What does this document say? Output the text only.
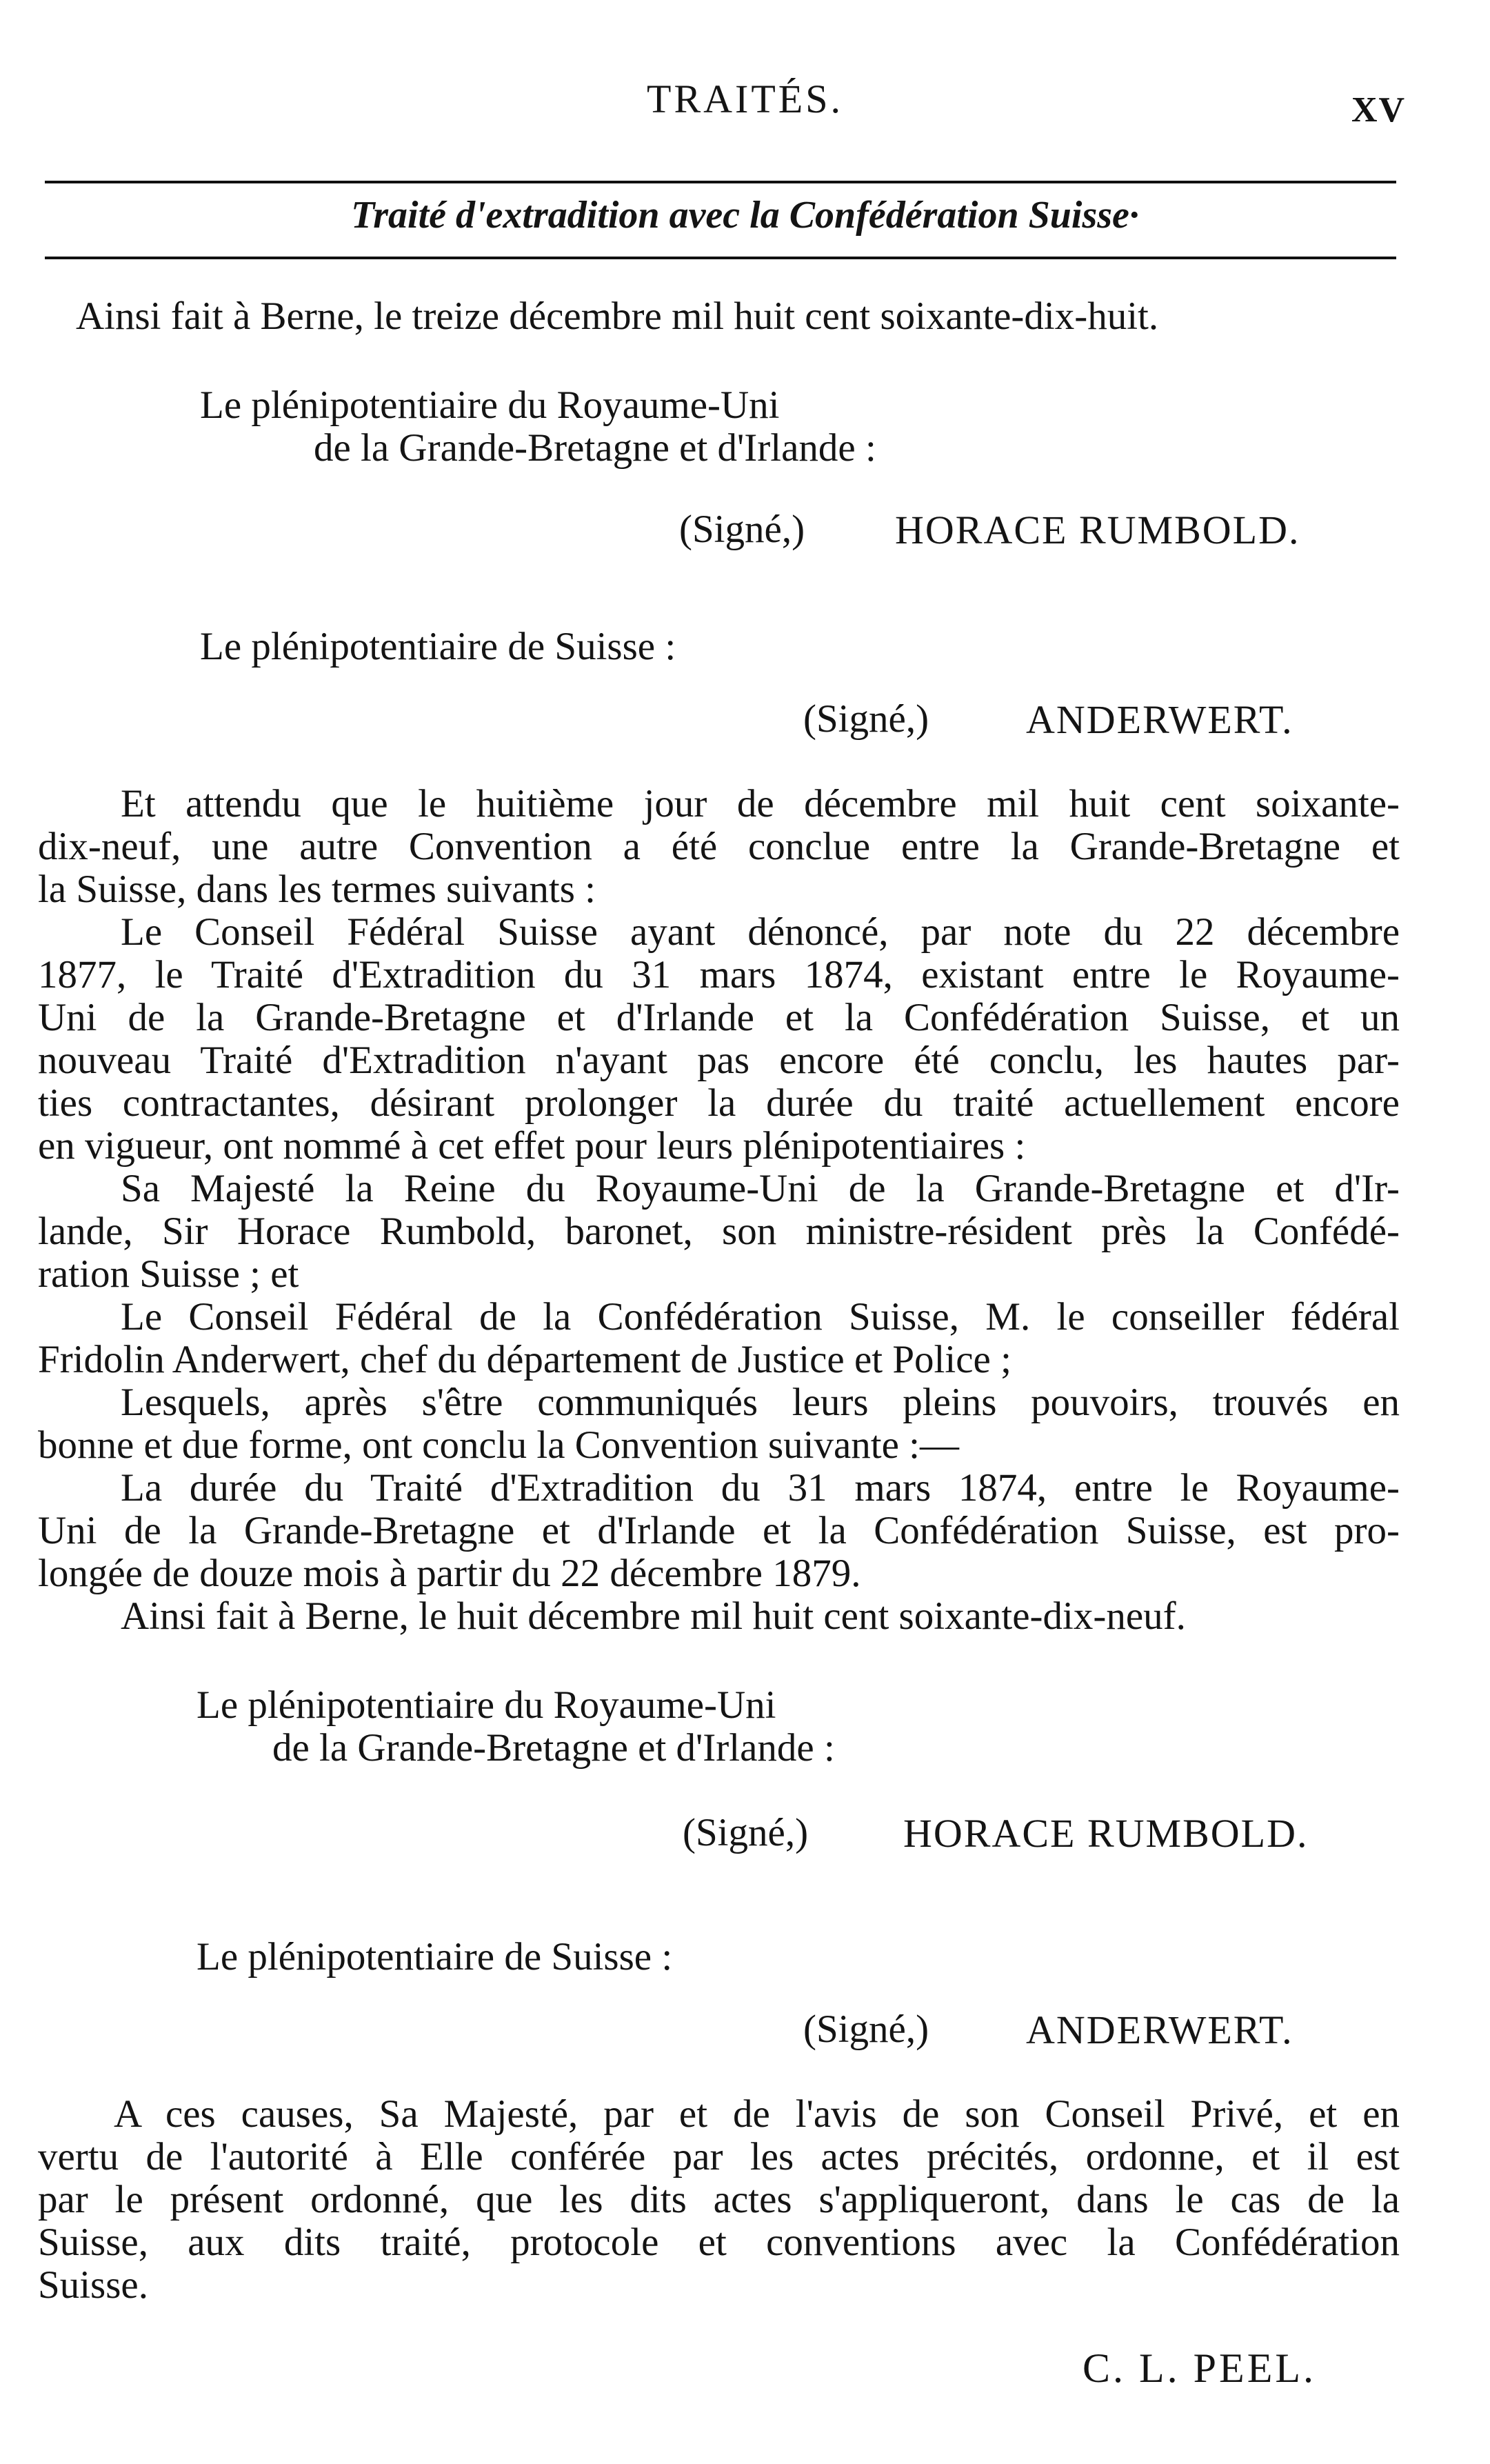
TRAITÉS.	XV
Traité d'extradition avec la Confédération Suisse·

Ainsi fait à Berne, le treize décembre mil huit cent soixante-dix-huit.

Le plénipotentiaire du Royaume-Uni
de la Grande-Bretagne et d'Irlande :
(Signé,) HORACE RUMBOLD.
Le plénipotentiaire de Suisse :
(Signé,) ANDERWERT.

Et attendu que le huitième jour de décembre mil huit cent soixante-

dix-neuf, une autre Convention a été conclue entre la Grande-Bretagne et

la Suisse, dans les termes suivants :

Le Conseil Fédéral Suisse ayant dénoncé, par note du 22 décembre

1877, le Traité d'Extradition du 31 mars 1874, existant entre le Royaume-

Uni de la Grande-Bretagne et d'Irlande et la Confédération Suisse, et un

nouveau Traité d'Extradition n'ayant pas encore été conclu, les hautes par-

ties contractantes, désirant prolonger la durée du traité actuellement encore

en vigueur, ont nommé à cet effet pour leurs plénipotentiaires :

Sa Majesté la Reine du Royaume-Uni de la Grande-Bretagne et d'Ir-

lande, Sir Horace Rumbold, baronet, son ministre-résident près la Confédé-

ration Suisse ; et

Le Conseil Fédéral de la Confédération Suisse, M. le conseiller fédéral

Fridolin Anderwert, chef du département de Justice et Police ;

Lesquels, après s'être communiqués leurs pleins pouvoirs, trouvés en

bonne et due forme, ont conclu la Convention suivante :—

La durée du Traité d'Extradition du 31 mars 1874, entre le Royaume-

Uni de la Grande-Bretagne et d'Irlande et la Confédération Suisse, est pro-

longée de douze mois à partir du 22 décembre 1879.

Ainsi fait à Berne, le huit décembre mil huit cent soixante-dix-neuf.

Le plénipotentiaire du Royaume-Uni
de la Grande-Bretagne et d'Irlande :
(Signé,) HORACE RUMBOLD.
Le plénipotentiaire de Suisse :
(Signé,) ANDERWERT.

A ces causes, Sa Majesté, par et de l'avis de son Conseil Privé, et en

vertu de l'autorité à Elle conférée par les actes précités, ordonne, et il est

par le présent ordonné, que les dits actes s'appliqueront, dans le cas de la

Suisse, aux dits traité, protocole et conventions avec la Confédération

Suisse.

C. L. PEEL.
